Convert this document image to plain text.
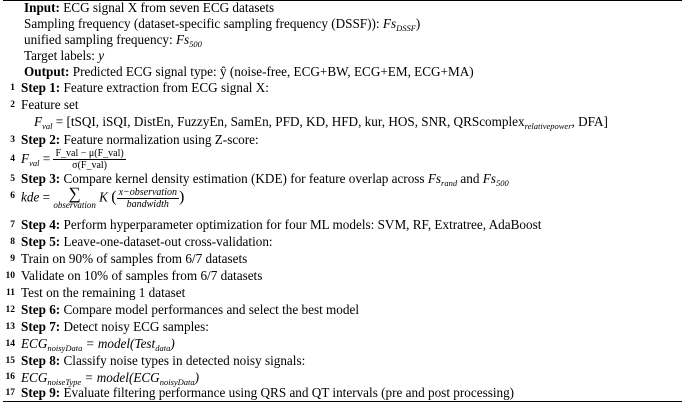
Input: ECG signal X from seven ECG datasets
Sampling frequency (dataset-specific sampling frequency (DSSF)): $Fs_{DSSF}$)
unified sampling frequency: $Fs_{500}$
Target labels: y
Output: Predicted ECG signal type: ŷ (noise-free, ECG+BW, ECG+EM, ECG+MA)
1 Step 1: Feature extraction from ECG signal X:
2 Feature set
$F_{val}$ = [tSQI, iSQI, DistEn, FuzzyEn, SamEn, PFD, KD, HFD, kur, HOS, SNR, QRScomplex$_{relativepower}$, DFA]
3 Step 2: Feature normalization using Z-score:
4 $F_{val} = \frac{\text{F\_val − μ(F\_val)}}{\text{σ(F\_val)}}$
5 Step 3: Compare kernel density estimation (KDE) for feature overlap across $Fs_{rand}$ and $Fs_{500}$
6 kde = ∑
observation
K ( $\frac{\text{x−observation}}{\text{bandwidth}}$ )
7 Step 4: Perform hyperparameter optimization for four ML models: SVM, RF, Extratree, AdaBoost
8 Step 5: Leave-one-dataset-out cross-validation:
9 Train on 90% of samples from 6/7 datasets
10 Validate on 10% of samples from 6/7 datasets
11 Test on the remaining 1 dataset
12 Step 6: Compare model performances and select the best model
13 Step 7: Detect noisy ECG samples:
14 $ECG_{noisyData}$ = model(Test$_{data}$)
15 Step 8: Classify noise types in detected noisy signals:
16 $ECG_{noiseType}$ = $model(ECG_{noisyData})$
17 Step 9: Evaluate filtering performance using QRS and QT intervals (pre and post processing)
